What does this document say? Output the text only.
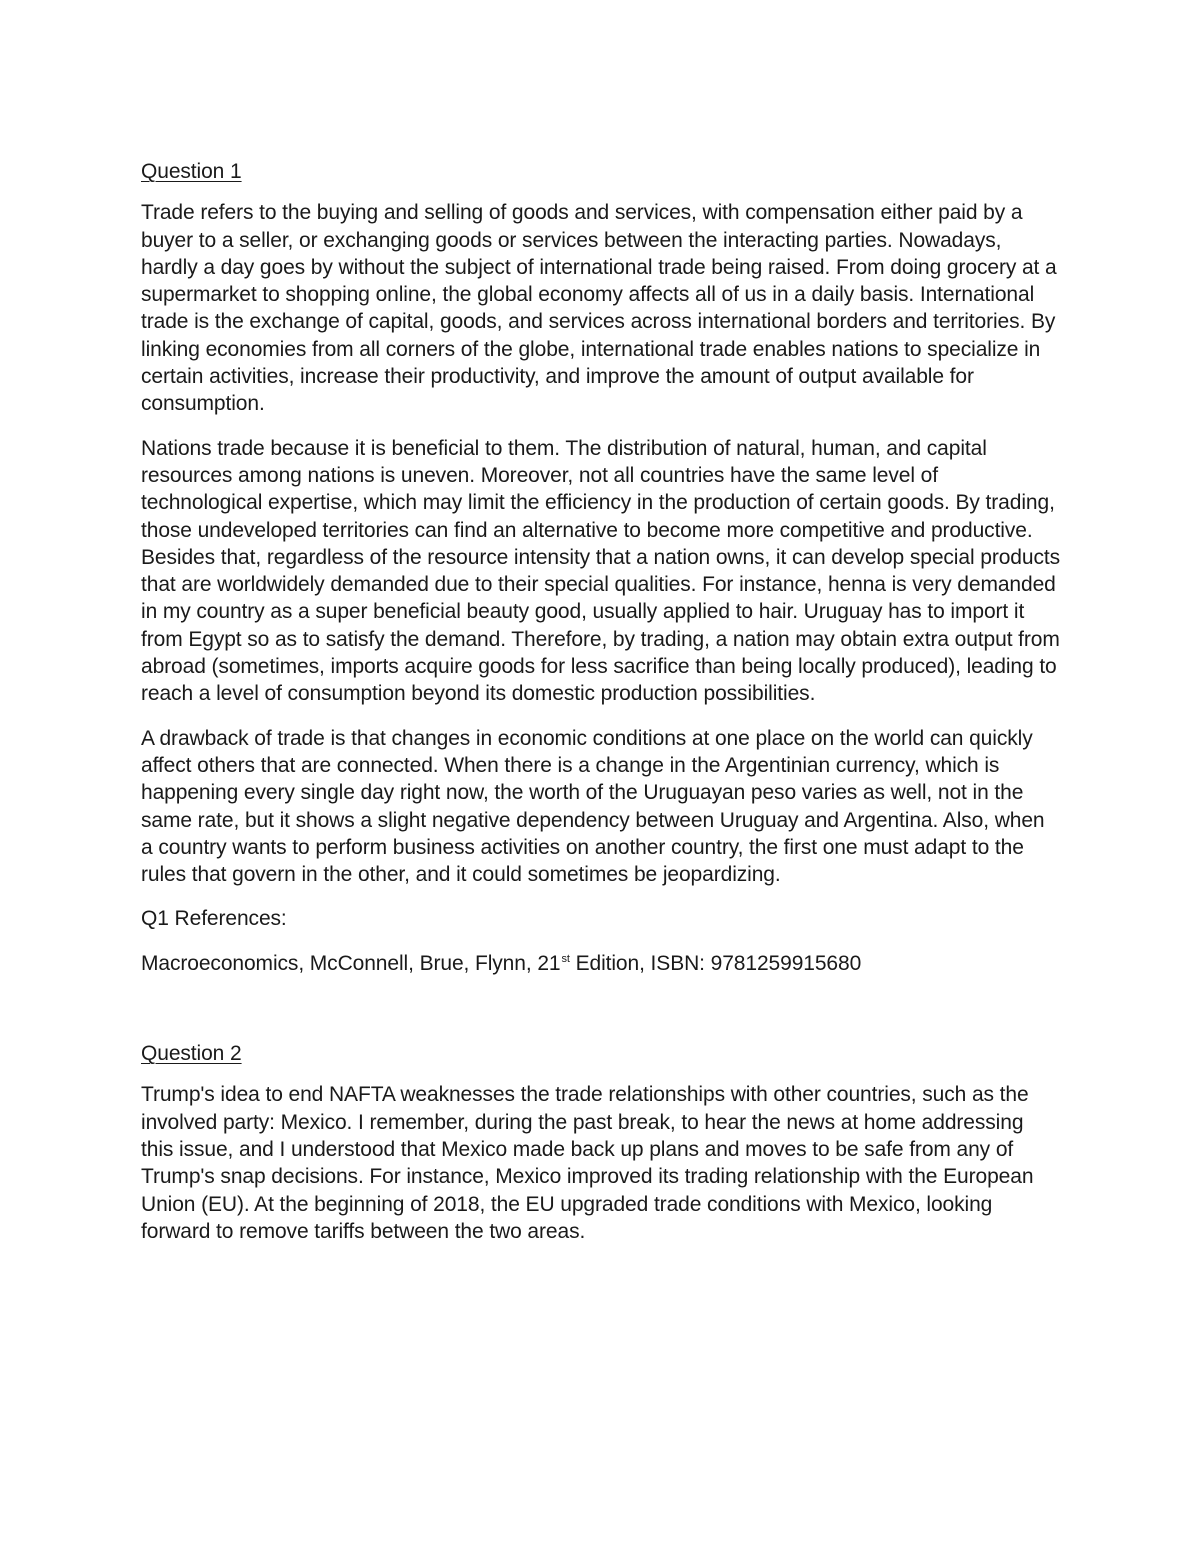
Question 1

Trade refers to the buying and selling of goods and services, with compensation either paid by a buyer to a seller, or exchanging goods or services between the interacting parties. Nowadays, hardly a day goes by without the subject of international trade being raised. From doing grocery at a supermarket to shopping online, the global economy affects all of us in a daily basis. International trade is the exchange of capital, goods, and services across international borders and territories. By linking economies from all corners of the globe, international trade enables nations to specialize in certain activities, increase their productivity, and improve the amount of output available for consumption.

Nations trade because it is beneficial to them. The distribution of natural, human, and capital resources among nations is uneven. Moreover, not all countries have the same level of technological expertise, which may limit the efficiency in the production of certain goods. By trading, those undeveloped territories can find an alternative to become more competitive and productive. Besides that, regardless of the resource intensity that a nation owns, it can develop special products that are worldwidely demanded due to their special qualities. For instance, henna is very demanded in my country as a super beneficial beauty good, usually applied to hair. Uruguay has to import it from Egypt so as to satisfy the demand. Therefore, by trading, a nation may obtain extra output from abroad (sometimes, imports acquire goods for less sacrifice than being locally produced), leading to reach a level of consumption beyond its domestic production possibilities.

A drawback of trade is that changes in economic conditions at one place on the world can quickly affect others that are connected. When there is a change in the Argentinian currency, which is happening every single day right now, the worth of the Uruguayan peso varies as well, not in the same rate, but it shows a slight negative dependency between Uruguay and Argentina. Also, when a country wants to perform business activities on another country, the first one must adapt to the rules that govern in the other, and it could sometimes be jeopardizing.

Q1 References:

Macroeconomics, McConnell, Brue, Flynn, 21st Edition, ISBN: 9781259915680

Question 2

Trump's idea to end NAFTA weaknesses the trade relationships with other countries, such as the involved party: Mexico. I remember, during the past break, to hear the news at home addressing this issue, and I understood that Mexico made back up plans and moves to be safe from any of Trump's snap decisions. For instance, Mexico improved its trading relationship with the European Union (EU). At the beginning of 2018, the EU upgraded trade conditions with Mexico, looking forward to remove tariffs between the two areas.
